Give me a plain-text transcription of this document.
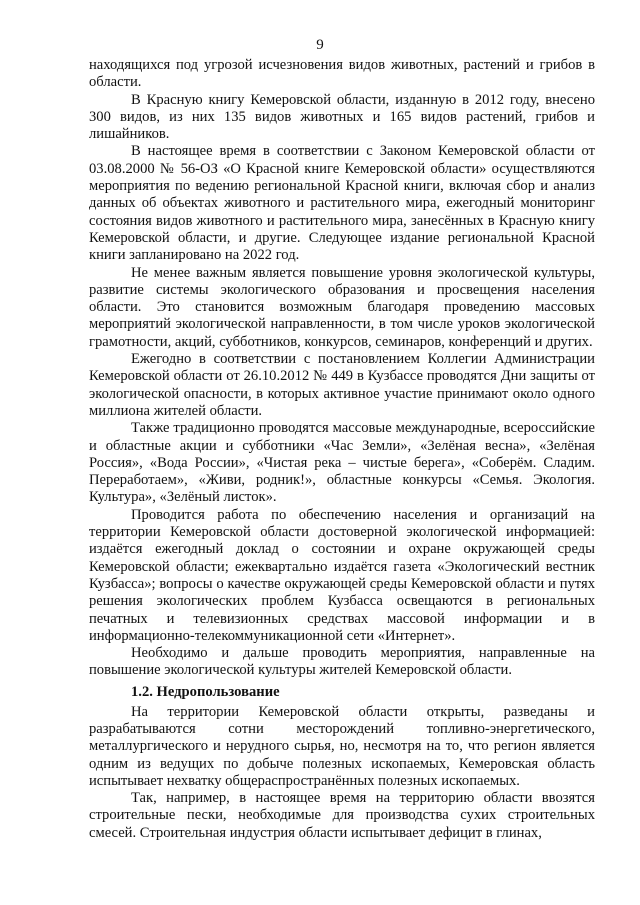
9

находящихся под угрозой исчезновения видов животных, растений и грибов в области.

В Красную книгу Кемеровской области, изданную в 2012 году, внесено 300 видов, из них 135 видов животных и 165 видов растений, грибов и лишайников.

В настоящее время в соответствии с Законом Кемеровской области от 03.08.2000 № 56-ОЗ «О Красной книге Кемеровской области» осуществляются мероприятия по ведению региональной Красной книги, включая сбор и анализ данных об объектах животного и растительного мира, ежегодный мониторинг состояния видов животного и растительного мира, занесённых в Красную книгу Кемеровской области, и другие. Следующее издание региональной Красной книги запланировано на 2022 год.

Не менее важным является повышение уровня экологической культуры, развитие системы экологического образования и просвещения населения области. Это становится возможным благодаря проведению массовых мероприятий экологической направленности, в том числе уроков экологической грамотности, акций, субботников, конкурсов, семинаров, конференций и других.

Ежегодно в соответствии с постановлением Коллегии Администрации Кемеровской области от 26.10.2012 № 449 в Кузбассе проводятся Дни защиты от экологической опасности, в которых активное участие принимают около одного миллиона жителей области.

Также традиционно проводятся массовые международные, всероссийские и областные акции и субботники «Час Земли», «Зелёная весна», «Зелёная Россия», «Вода России», «Чистая река – чистые берега», «Соберём. Сладим. Переработаем», «Живи, родник!», областные конкурсы «Семья. Экология. Культура», «Зелёный листок».

Проводится работа по обеспечению населения и организаций на территории Кемеровской области достоверной экологической информацией: издаётся ежегодный доклад о состоянии и охране окружающей среды Кемеровской области; ежеквартально издаётся газета «Экологический вестник Кузбасса»; вопросы о качестве окружающей среды Кемеровской области и путях решения экологических проблем Кузбасса освещаются в региональных печатных и телевизионных средствах массовой информации и в информационно-телекоммуникационной сети «Интернет».

Необходимо и дальше проводить мероприятия, направленные на повышение экологической культуры жителей Кемеровской области.

1.2. Недропользование

На территории Кемеровской области открыты, разведаны и разрабатываются сотни месторождений топливно-энергетического, металлургического и нерудного сырья, но, несмотря на то, что регион является одним из ведущих по добыче полезных ископаемых, Кемеровская область испытывает нехватку общераспространённых полезных ископаемых.

Так, например, в настоящее время на территорию области ввозятся строительные пески, необходимые для производства сухих строительных смесей. Строительная индустрия области испытывает дефицит в глинах,
